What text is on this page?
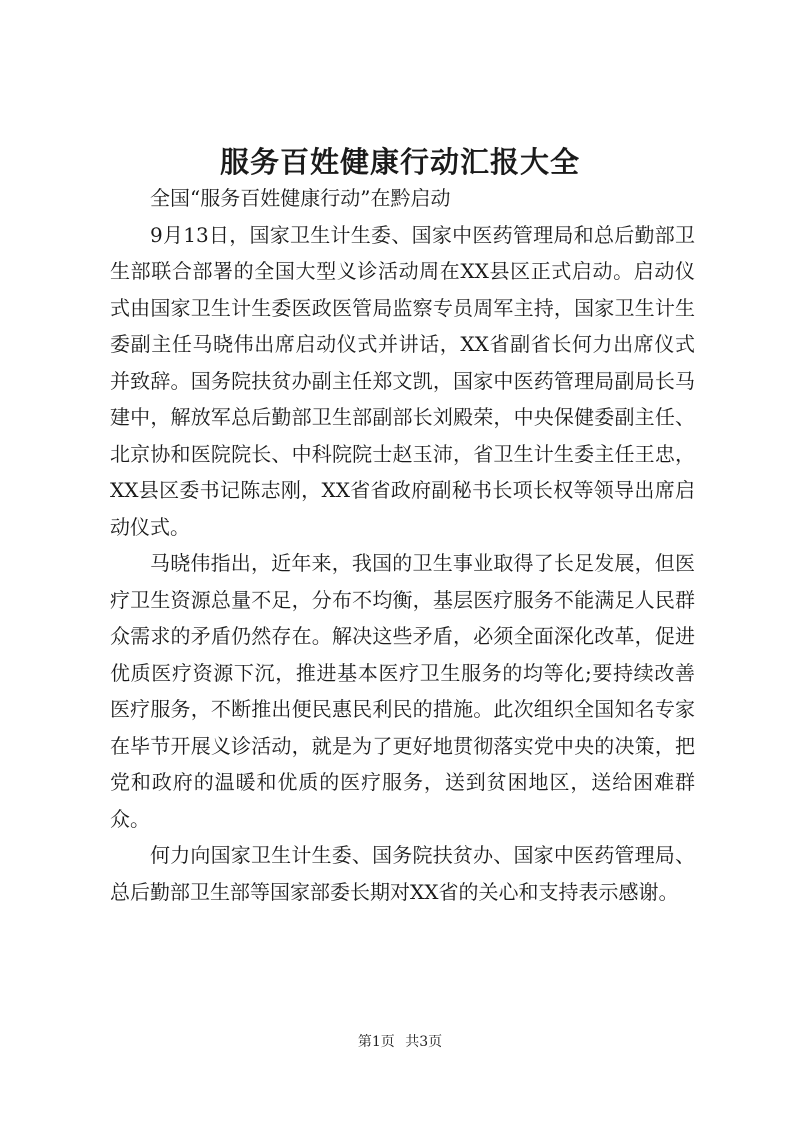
服务百姓健康行动汇报大全

全国“服务百姓健康行动”在黔启动

9月13日，国家卫生计生委、国家中医药管理局和总后勤部卫生部联合部署的全国大型义诊活动周在XX县区正式启动。启动仪式由国家卫生计生委医政医管局监察专员周军主持，国家卫生计生委副主任马晓伟出席启动仪式并讲话，XX省副省长何力出席仪式并致辞。国务院扶贫办副主任郑文凯，国家中医药管理局副局长马建中，解放军总后勤部卫生部副部长刘殿荣，中央保健委副主任、北京协和医院院长、中科院院士赵玉沛，省卫生计生委主任王忠，XX县区委书记陈志刚，XX省省政府副秘书长项长权等领导出席启动仪式。

马晓伟指出，近年来，我国的卫生事业取得了长足发展，但医疗卫生资源总量不足，分布不均衡，基层医疗服务不能满足人民群众需求的矛盾仍然存在。解决这些矛盾，必须全面深化改革，促进优质医疗资源下沉，推进基本医疗卫生服务的均等化;要持续改善医疗服务，不断推出便民惠民利民的措施。此次组织全国知名专家在毕节开展义诊活动，就是为了更好地贯彻落实党中央的决策，把党和政府的温暖和优质的医疗服务，送到贫困地区，送给困难群众。

何力向国家卫生计生委、国务院扶贫办、国家中医药管理局、总后勤部卫生部等国家部委长期对XX省的关心和支持表示感谢。

第1页 共3页
